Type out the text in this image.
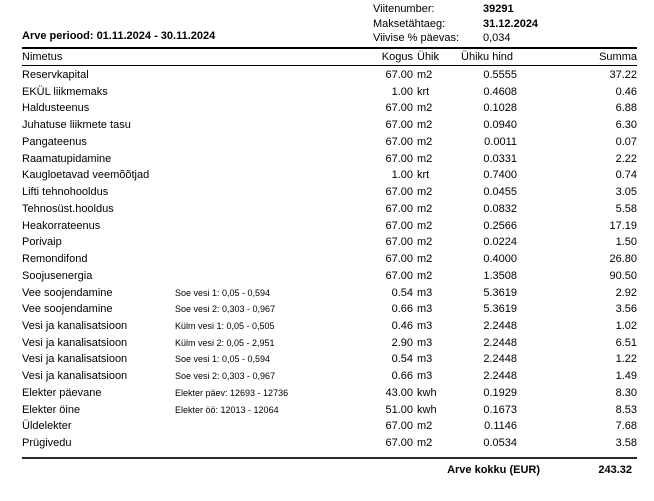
Viitenumber:	39291
Maksetähtaeg:	31.12.2024
Viivise % päevas:	0,034
Arve periood: 01.11.2024 - 30.11.2024
Nimetus	Kogus Ühik	Ühiku hind	Summa
Reservkapital	67.00 m2	0.5555	37.22
EKÜL liikmemaks	1.00 krt	0.4608	0.46
Haldusteenus	67.00 m2	0.1028	6.88
Juhatuse liikmete tasu	67.00 m2	0.0940	6.30
Pangateenus	67.00 m2	0.0011	0.07
Raamatupidamine	67.00 m2	0.0331	2.22
Kaugloetavad veemõõtjad	1.00 krt	0.7400	0.74
Lifti tehnohooldus	67.00 m2	0.0455	3.05
Tehnosüst.hooldus	67.00 m2	0.0832	5.58
Heakorrateenus	67.00 m2	0.2566	17.19
Porivaip	67.00 m2	0.0224	1.50
Remondifond	67.00 m2	0.4000	26.80
Soojusenergia	67.00 m2	1.3508	90.50
Vee soojendamine	Soe vesi 1: 0,05 - 0,594	0.54 m3	5.3619	2.92
Vee soojendamine	Soe vesi 2: 0,303 - 0,967	0.66 m3	5.3619	3.56
Vesi ja kanalisatsioon	Külm vesi 1: 0,05 - 0,505	0.46 m3	2.2448	1.02
Vesi ja kanalisatsioon	Külm vesi 2: 0,05 - 2,951	2.90 m3	2.2448	6.51
Vesi ja kanalisatsioon	Soe vesi 1: 0,05 - 0,594	0.54 m3	2.2448	1.22
Vesi ja kanalisatsioon	Soe vesi 2: 0,303 - 0,967	0.66 m3	2.2448	1.49
Elekter päevane	Elekter päev: 12693 - 12736	43.00 kwh	0.1929	8.30
Elekter öine	Elekter öö: 12013 - 12064	51.00 kwh	0.1673	8.53
Üldelekter	67.00 m2	0.1146	7.68
Prügivedu	67.00 m2	0.0534	3.58
Arve kokku (EUR)	243.32
